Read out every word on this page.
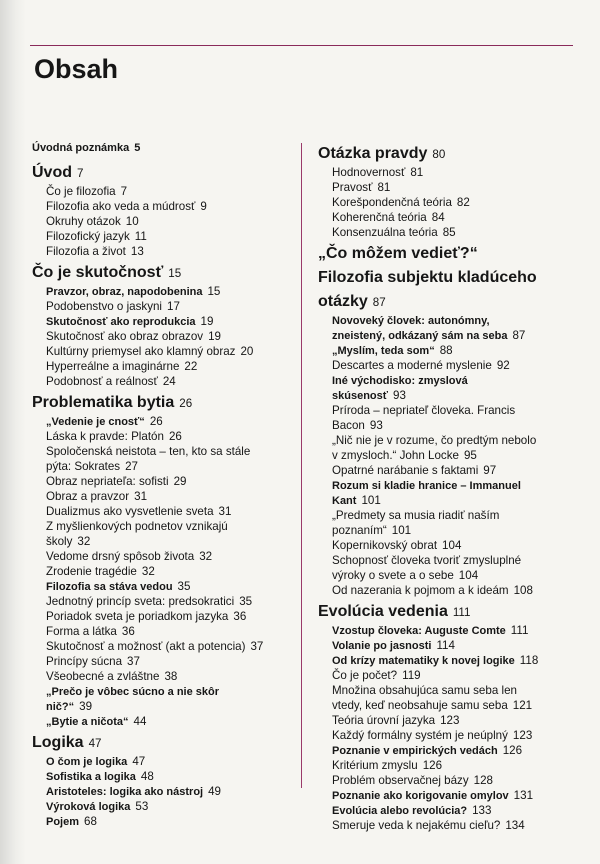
Obsah
Úvodná poznámka 5
Úvod 7
Čo je filozofia 7
Filozofia ako veda a múdrosť 9
Okruhy otázok 10
Filozofický jazyk 11
Filozofia a život 13
Čo je skutočnosť 15
Pravzor, obraz, napodobenina 15
Podobenstvo o jaskyni 17
Skutočnosť ako reprodukcia 19
Skutočnosť ako obraz obrazov 19
Kultúrny priemysel ako klamný obraz 20
Hyperreálne a imaginárne 22
Podobnosť a reálnosť 24
Problematika bytia 26
„Vedenie je cnosť“ 26
Láska k pravde: Platón 26
Spoločenská neistota – ten, kto sa stále
pýta: Sokrates 27
Obraz nepriateľa: sofisti 29
Obraz a pravzor 31
Dualizmus ako vysvetlenie sveta 31
Z myšlienkových podnetov vznikajú
školy 32
Vedome drsný spôsob života 32
Zrodenie tragédie 32
Filozofia sa stáva vedou 35
Jednotný princíp sveta: predsokratici 35
Poriadok sveta je poriadkom jazyka 36
Forma a látka 36
Skutočnosť a možnosť (akt a potencia) 37
Princípy súcna 37
Všeobecné a zvláštne 38
„Prečo je vôbec súcno a nie skôr
nič?“ 39
„Bytie a ničota“ 44
Logika 47
O čom je logika 47
Sofistika a logika 48
Aristoteles: logika ako nástroj 49
Výroková logika 53
Pojem 68
Otázka pravdy 80
Hodnovernosť 81
Pravosť 81
Korešpondenčná teória 82
Koherenčná teória 84
Konsenzuálna teória 85
„Čo môžem vedieť?“
Filozofia subjektu kladúceho
otázky 87
Novoveký človek: autonómny,
zneistený, odkázaný sám na seba 87
„Myslím, teda som“ 88
Descartes a moderné myslenie 92
Iné východisko: zmyslová
skúsenosť 93
Príroda – nepriateľ človeka. Francis
Bacon 93
„Nič nie je v rozume, čo predtým nebolo
v zmysloch.“ John Locke 95
Opatrné narábanie s faktami 97
Rozum si kladie hranice – Immanuel
Kant 101
„Predmety sa musia riadiť naším
poznaním“ 101
Kopernikovský obrat 104
Schopnosť človeka tvoriť zmysluplné
výroky o svete a o sebe 104
Od nazerania k pojmom a k ideám 108
Evolúcia vedenia 111
Vzostup človeka: Auguste Comte 111
Volanie po jasnosti 114
Od krízy matematiky k novej logike 118
Čo je počet? 119
Množina obsahujúca samu seba len
vtedy, keď neobsahuje samu seba 121
Teória úrovní jazyka 123
Každý formálny systém je neúplný 123
Poznanie v empirických vedách 126
Kritérium zmyslu 126
Problém observačnej bázy 128
Poznanie ako korigovanie omylov 131
Evolúcia alebo revolúcia? 133
Smeruje veda k nejakému cieľu? 134
